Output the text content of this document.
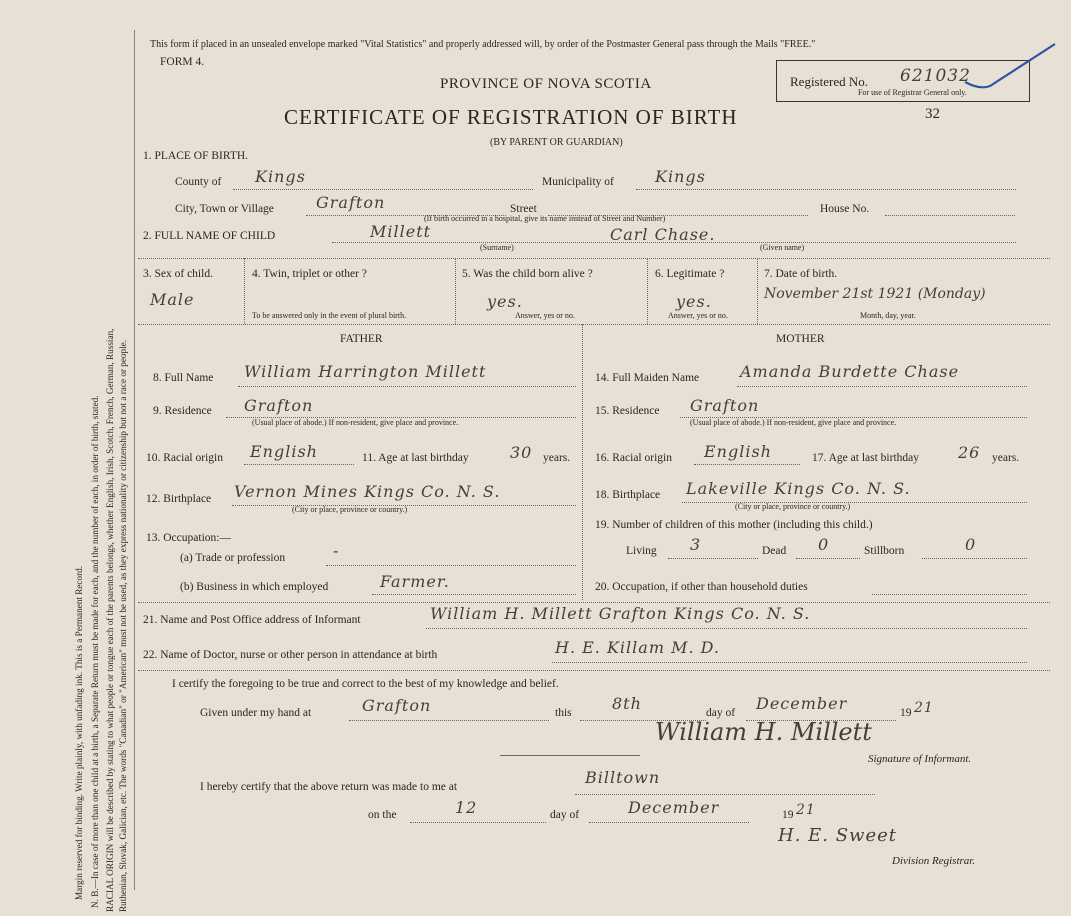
Margin reserved for binding. Write plainly, with unfading ink. This is a Permanent Record. N. B.—In case of more than one child at a birth, a Separate Return must be made for each, and the number of each, in order of birth, stated. RACIAL ORIGIN will be described by stating to what people or tongue each of the parents belongs, whether English, Irish, Scotch, French, German, Russian, Ruthenian, Slovak, Galician, etc. The words "Canadian" or "American" must not be used, as they express nationality or citizenship but not a race or people.
This form if placed in an unsealed envelope marked "Vital Statistics" and properly addressed will, by order of the Postmaster General pass through the Mails "FREE."
FORM 4.
PROVINCE OF NOVA SCOTIA
CERTIFICATE OF REGISTRATION OF BIRTH	32
(BY PARENT OR GUARDIAN)
Registered No. 621032
For use of Registrar General only.
1. PLACE OF BIRTH.
County of Kings	Municipality of	Kings
City, Town or Village	Grafton	Street	House No.
(If birth occurred in a hospital, give its name instead of Street and Number)
2. FULL NAME OF CHILD	Millett	Carl Chase.
(Surname)	(Given name)
3. Sex of child.
Male
4. Twin, triplet or other ?
To be answered only in the event of plural birth.
5. Was the child born alive ?
yes.
Answer, yes or no.
6. Legitimate ?
yes.
Answer, yes or no.
7. Date of birth.
November 21st 1921 (Monday)
Month, day, year.
FATHER	MOTHER
8. Full Name William Harrington Millett
9. Residence Grafton
(Usual place of abode.) If non-resident, give place and province.
10. Racial origin English	11. Age at last birthday	30 years.
12. Birthplace Vernon Mines Kings Co. N. S.
(City or place, province or country.)
13. Occupation:—
(a) Trade or profession	-
(b) Business in which employed	Farmer.
14. Full Maiden Name	Amanda Burdette Chase
15. Residence Grafton
(Usual place of abode.) If non-resident, give place and province.
16. Racial origin English	17. Age at last birthday 26 years.
18. Birthplace Lakeville Kings Co. N. S.
(City or place, province or country.)
19. Number of children of this mother (including this child.)
Living 3	Dead 0	Stillborn	0
20. Occupation, if other than household duties
21. Name and Post Office address of Informant	William H. Millett Grafton Kings Co. N. S.
22. Name of Doctor, nurse or other person in attendance at birth	H. E. Killam M. D.
I certify the foregoing to be true and correct to the best of my knowledge and belief.
Given under my hand at	Grafton	this	8th	day of December	19 21
William H. Millett
Signature of Informant.
I hereby certify that the above return was made to me at	Billtown
on the	12	day of	December	19 21
H. E. Sweet
Division Registrar.
